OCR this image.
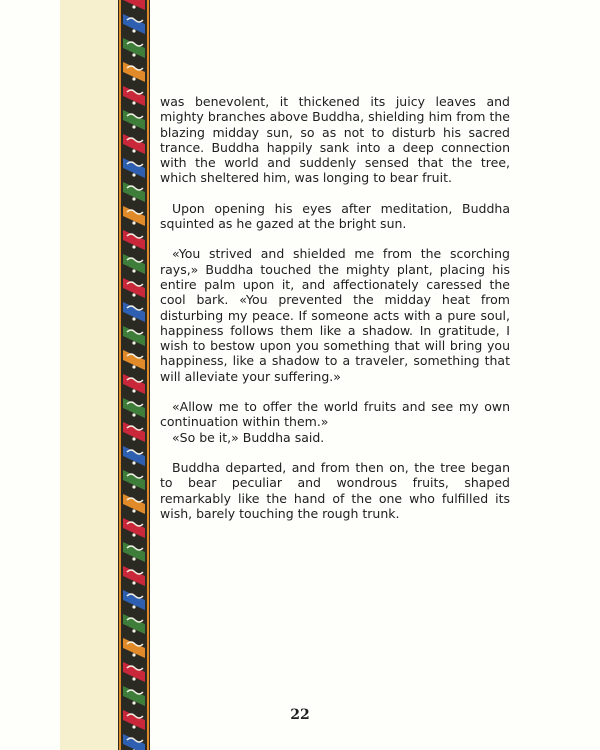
was benevolent, it thickened its juicy leaves and mighty branches above Buddha, shielding him from the blazing midday sun, so as not to disturb his sacred trance. Buddha happily sank into a deep connection with the world and suddenly sensed that the tree, which sheltered him, was longing to bear fruit.

Upon opening his eyes after meditation, Buddha squinted as he gazed at the bright sun.

«You strived and shielded me from the scorching rays,» Buddha touched the mighty plant, placing his entire palm upon it, and affectionately caressed the cool bark. «You prevented the midday heat from disturbing my peace. If someone acts with a pure soul, happiness follows them like a shadow. In gratitude, I wish to bestow upon you something that will bring you happiness, like a shadow to a traveler, something that will alleviate your suffering.»

«Allow me to offer the world fruits and see my own continuation within them.»

«So be it,» Buddha said.

Buddha departed, and from then on, the tree began to bear peculiar and wondrous fruits, shaped remarkably like the hand of the one who fulfilled its wish, barely touching the rough trunk.

22
